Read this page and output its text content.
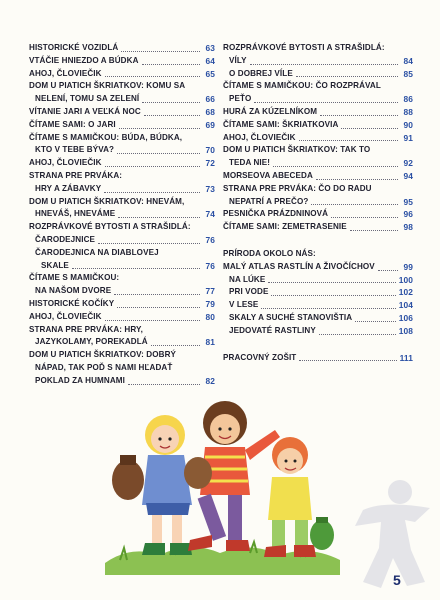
HISTORICKÉ VOZIDLÁ	63
VTÁČIE HNIEZDO A BÚDKA	64
AHOJ, ČLOVIEČIK	65
DOM U PIATICH ŠKRIATKOV: KOMU SA
NELENÍ, TOMU SA ZELENÍ	66
VÍTANIE JARI A VEĽKÁ NOC	68
ČÍTAME SAMI: O JARI	69
ČÍTAME S MAMIČKOU: BÚDA, BÚDKA,
KTO V TEBE BÝVA?	70
AHOJ, ČLOVIEČIK	72
STRANA PRE PRVÁKA:
HRY A ZÁBAVKY	73
DOM U PIATICH ŠKRIATKOV: HNEVÁM,
HNEVÁŠ, HNEVÁME	74
ROZPRÁVKOVÉ BYTOSTI A STRAŠIDLÁ:
ČARODEJNICE	76
ČARODEJNICA NA DIABLOVEJ
SKALE	76
ČÍTAME S MAMIČKOU:
NA NAŠOM DVORE	77
HISTORICKÉ KOČÍKY	79
AHOJ, ČLOVIEČIK	80
STRANA PRE PRVÁKA: HRY,
JAZYKOLAMY, POREKADLÁ	81
DOM U PIATICH ŠKRIATKOV: DOBRÝ
NÁPAD, TAK POĎ S NAMI HĽADAŤ
POKLAD ZA HUMNAMI	82
ROZPRÁVKOVÉ BYTOSTI A STRAŠIDLÁ:
VÍLY	84
O DOBREJ VÍLE	85
ČÍTAME S MAMIČKOU: ČO ROZPRÁVAL
PEŤO	86
HURÁ ZA KÚZELNÍKOM	88
ČÍTAME SAMI: ŠKRIATKOVIA	90
AHOJ, ČLOVIEČIK	91
DOM U PIATICH ŠKRIATKOV: TAK TO
TEDA NIE!	92
MORSEOVA ABECEDA	94
STRANA PRE PRVÁKA: ČO DO RADU
NEPATRÍ A PREČO?	95
PESNIČKA PRÁZDNINOVÁ	96
ČÍTAME SAMI: ZEMETRASENIE	98
PRÍRODA OKOLO NÁS:
MALÝ ATLAS RASTLÍN A ŽIVOČÍCHOV	99
NA LÚKE	100
PRI VODE	102
V LESE	104
SKALY A SUCHÉ STANOVIŠTIA	106
JEDOVATÉ RASTLINY	108
PRACOVNÝ ZOŠIT	111
5
